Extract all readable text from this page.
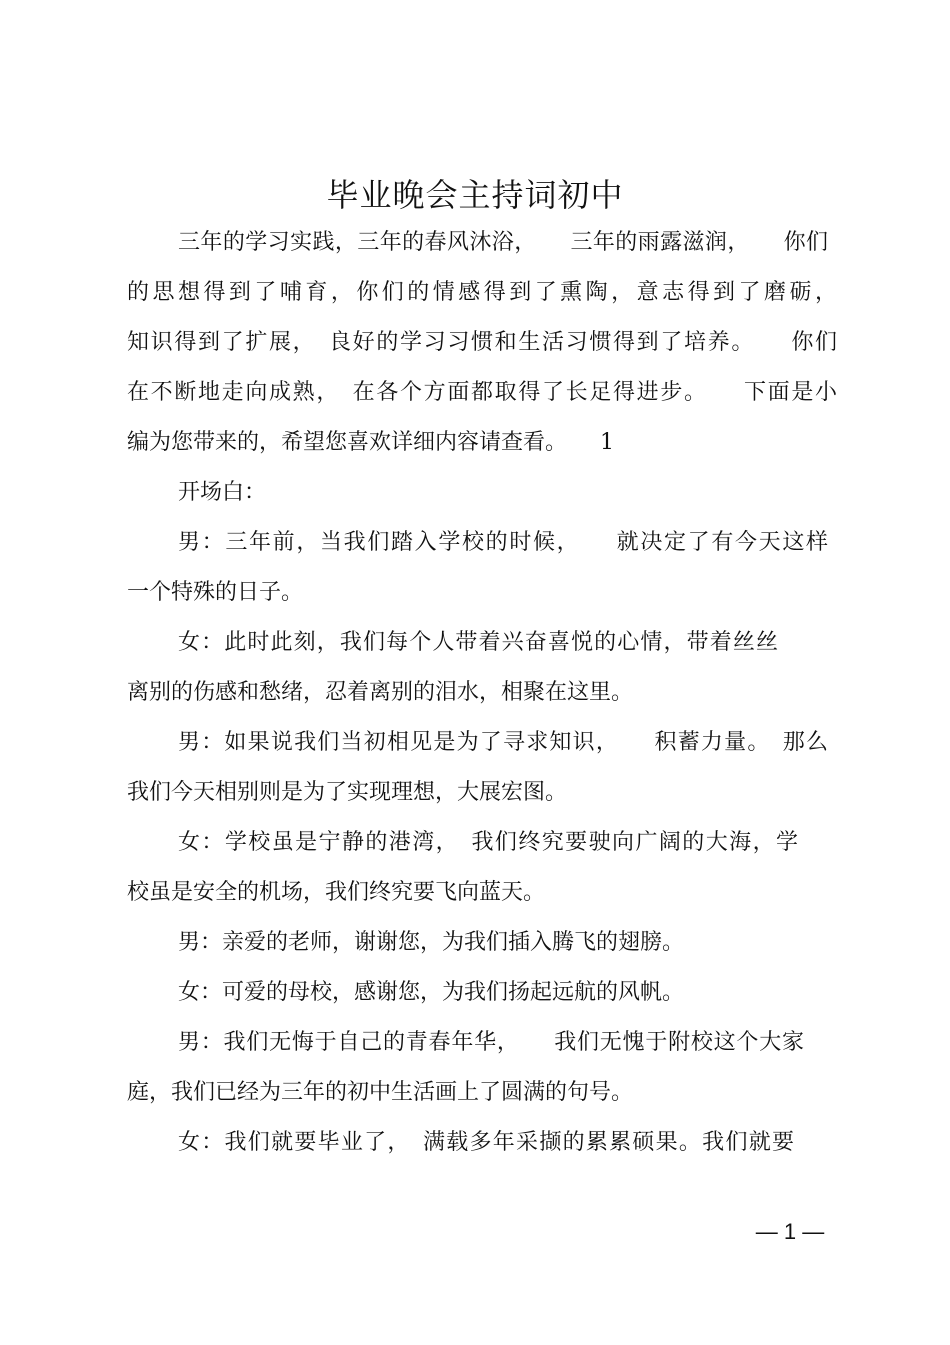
毕业晚会主持词初中
三年的学习实践，三年的春风沐浴，　　三年的雨露滋润，　　你们
的思想得到了哺育，你们的情感得到了熏陶，意志得到了磨砺，
知识得到了扩展，　良好的学习习惯和生活习惯得到了培养。　　你们
在不断地走向成熟，　在各个方面都取得了长足得进步。　　下面是小
编为您带来的，希望您喜欢详细内容请查看。　　1
开场白：
男：三年前，当我们踏入学校的时候，　　就决定了有今天这样
一个特殊的日子。
女：此时此刻，我们每个人带着兴奋喜悦的心情，带着丝丝
离别的伤感和愁绪，忍着离别的泪水，相聚在这里。
男：如果说我们当初相见是为了寻求知识，　　积蓄力量。　那么
我们今天相别则是为了实现理想，大展宏图。
女：学校虽是宁静的港湾，　我们终究要驶向广阔的大海，学
校虽是安全的机场，我们终究要飞向蓝天。
男：亲爱的老师，谢谢您，为我们插入腾飞的翅膀。
女：可爱的母校，感谢您，为我们扬起远航的风帆。
男：我们无悔于自己的青春年华，　　我们无愧于附校这个大家
庭，我们已经为三年的初中生活画上了圆满的句号。
女：我们就要毕业了，　满载多年采撷的累累硕果。我们就要
— 1 —
